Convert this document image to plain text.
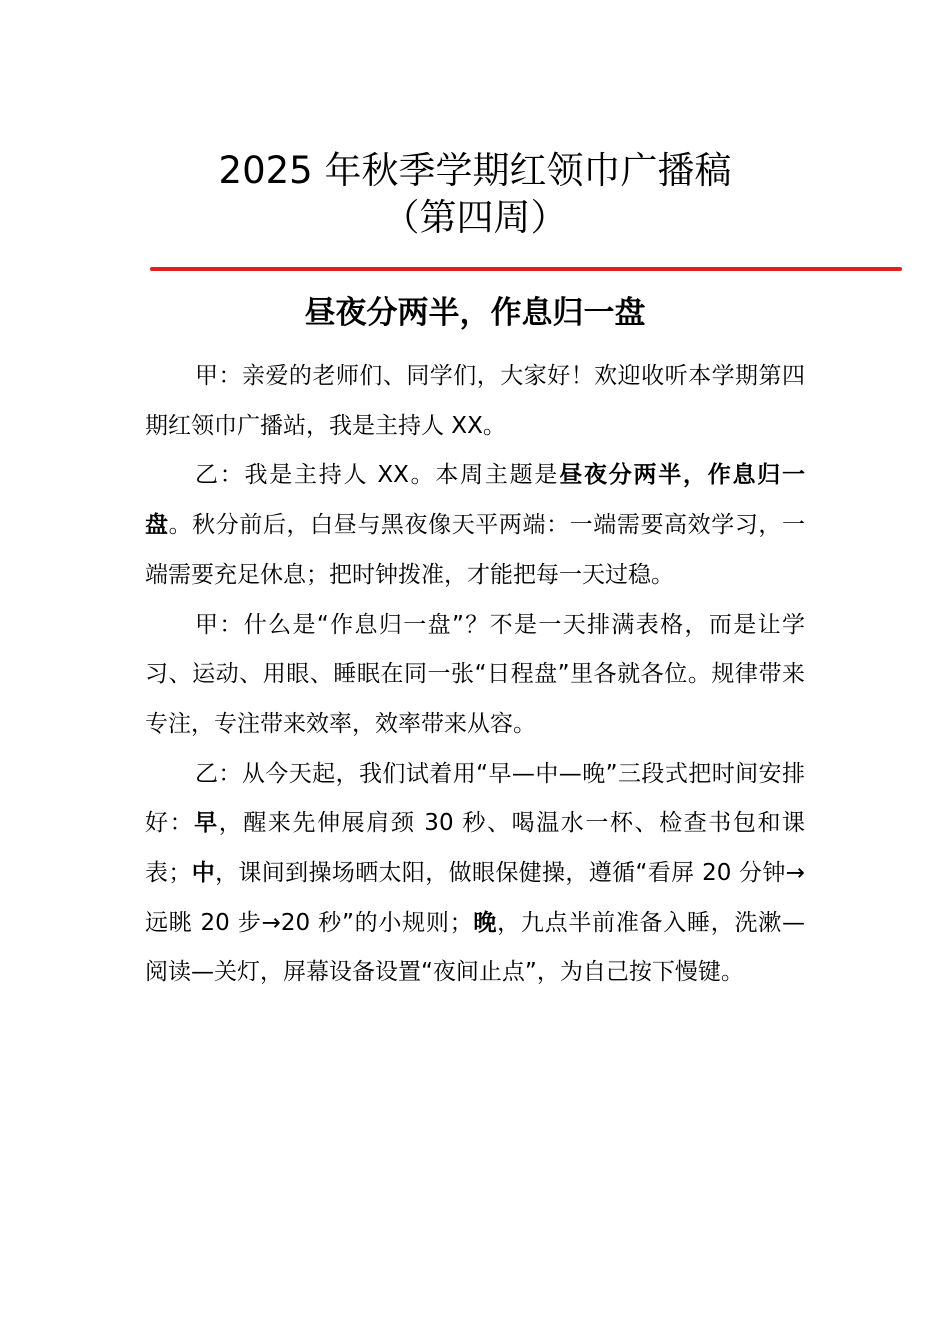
2025 年秋季学期红领巾广播稿
（第四周）
昼夜分两半，作息归一盘

甲：亲爱的老师们、同学们，大家好！欢迎收听本学期第四期红领巾广播站，我是主持人 XX。

乙：我是主持人 XX。本周主题是昼夜分两半，作息归一盘。秋分前后，白昼与黑夜像天平两端：一端需要高效学习，一端需要充足休息；把时钟拨准，才能把每一天过稳。

甲：什么是“作息归一盘”？不是一天排满表格，而是让学习、运动、用眼、睡眠在同一张“日程盘”里各就各位。规律带来专注，专注带来效率，效率带来从容。

乙：从今天起，我们试着用“早—中—晚”三段式把时间安排好：早，醒来先伸展肩颈 30 秒、喝温水一杯、检查书包和课表；中，课间到操场晒太阳，做眼保健操，遵循“看屏 20 分钟→远眺 20 步→20 秒”的小规则；晚，九点半前准备入睡，洗漱—阅读—关灯，屏幕设备设置“夜间止点”，为自己按下慢键。
